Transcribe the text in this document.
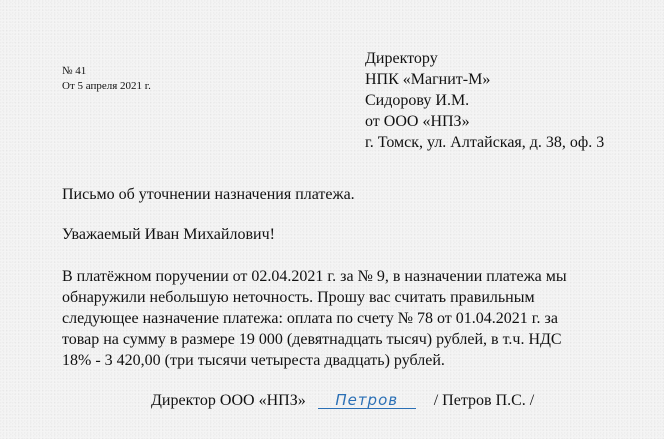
№ 41
От 5 апреля 2021 г.
Директору
НПК «Магнит-М»
Сидорову И.М.
от ООО «НПЗ»
г. Томск, ул. Алтайская, д. 38, оф. 3
Письмо об уточнении назначения платежа.
Уважаемый Иван Михайлович!
В платёжном поручении от 02.04.2021 г. за № 9, в назначении платежа мы
обнаружили небольшую неточность. Прошу вас считать правильным
следующее назначение платежа: оплата по счету № 78 от 01.04.2021 г. за
товар на сумму в размере 19 000 (девятнадцать тысяч) рублей, в т.ч. НДС
18% - 3 420,00 (три тысячи четыреста двадцать) рублей.
Директор ООО «НПЗ» Петров / Петров П.С. /
